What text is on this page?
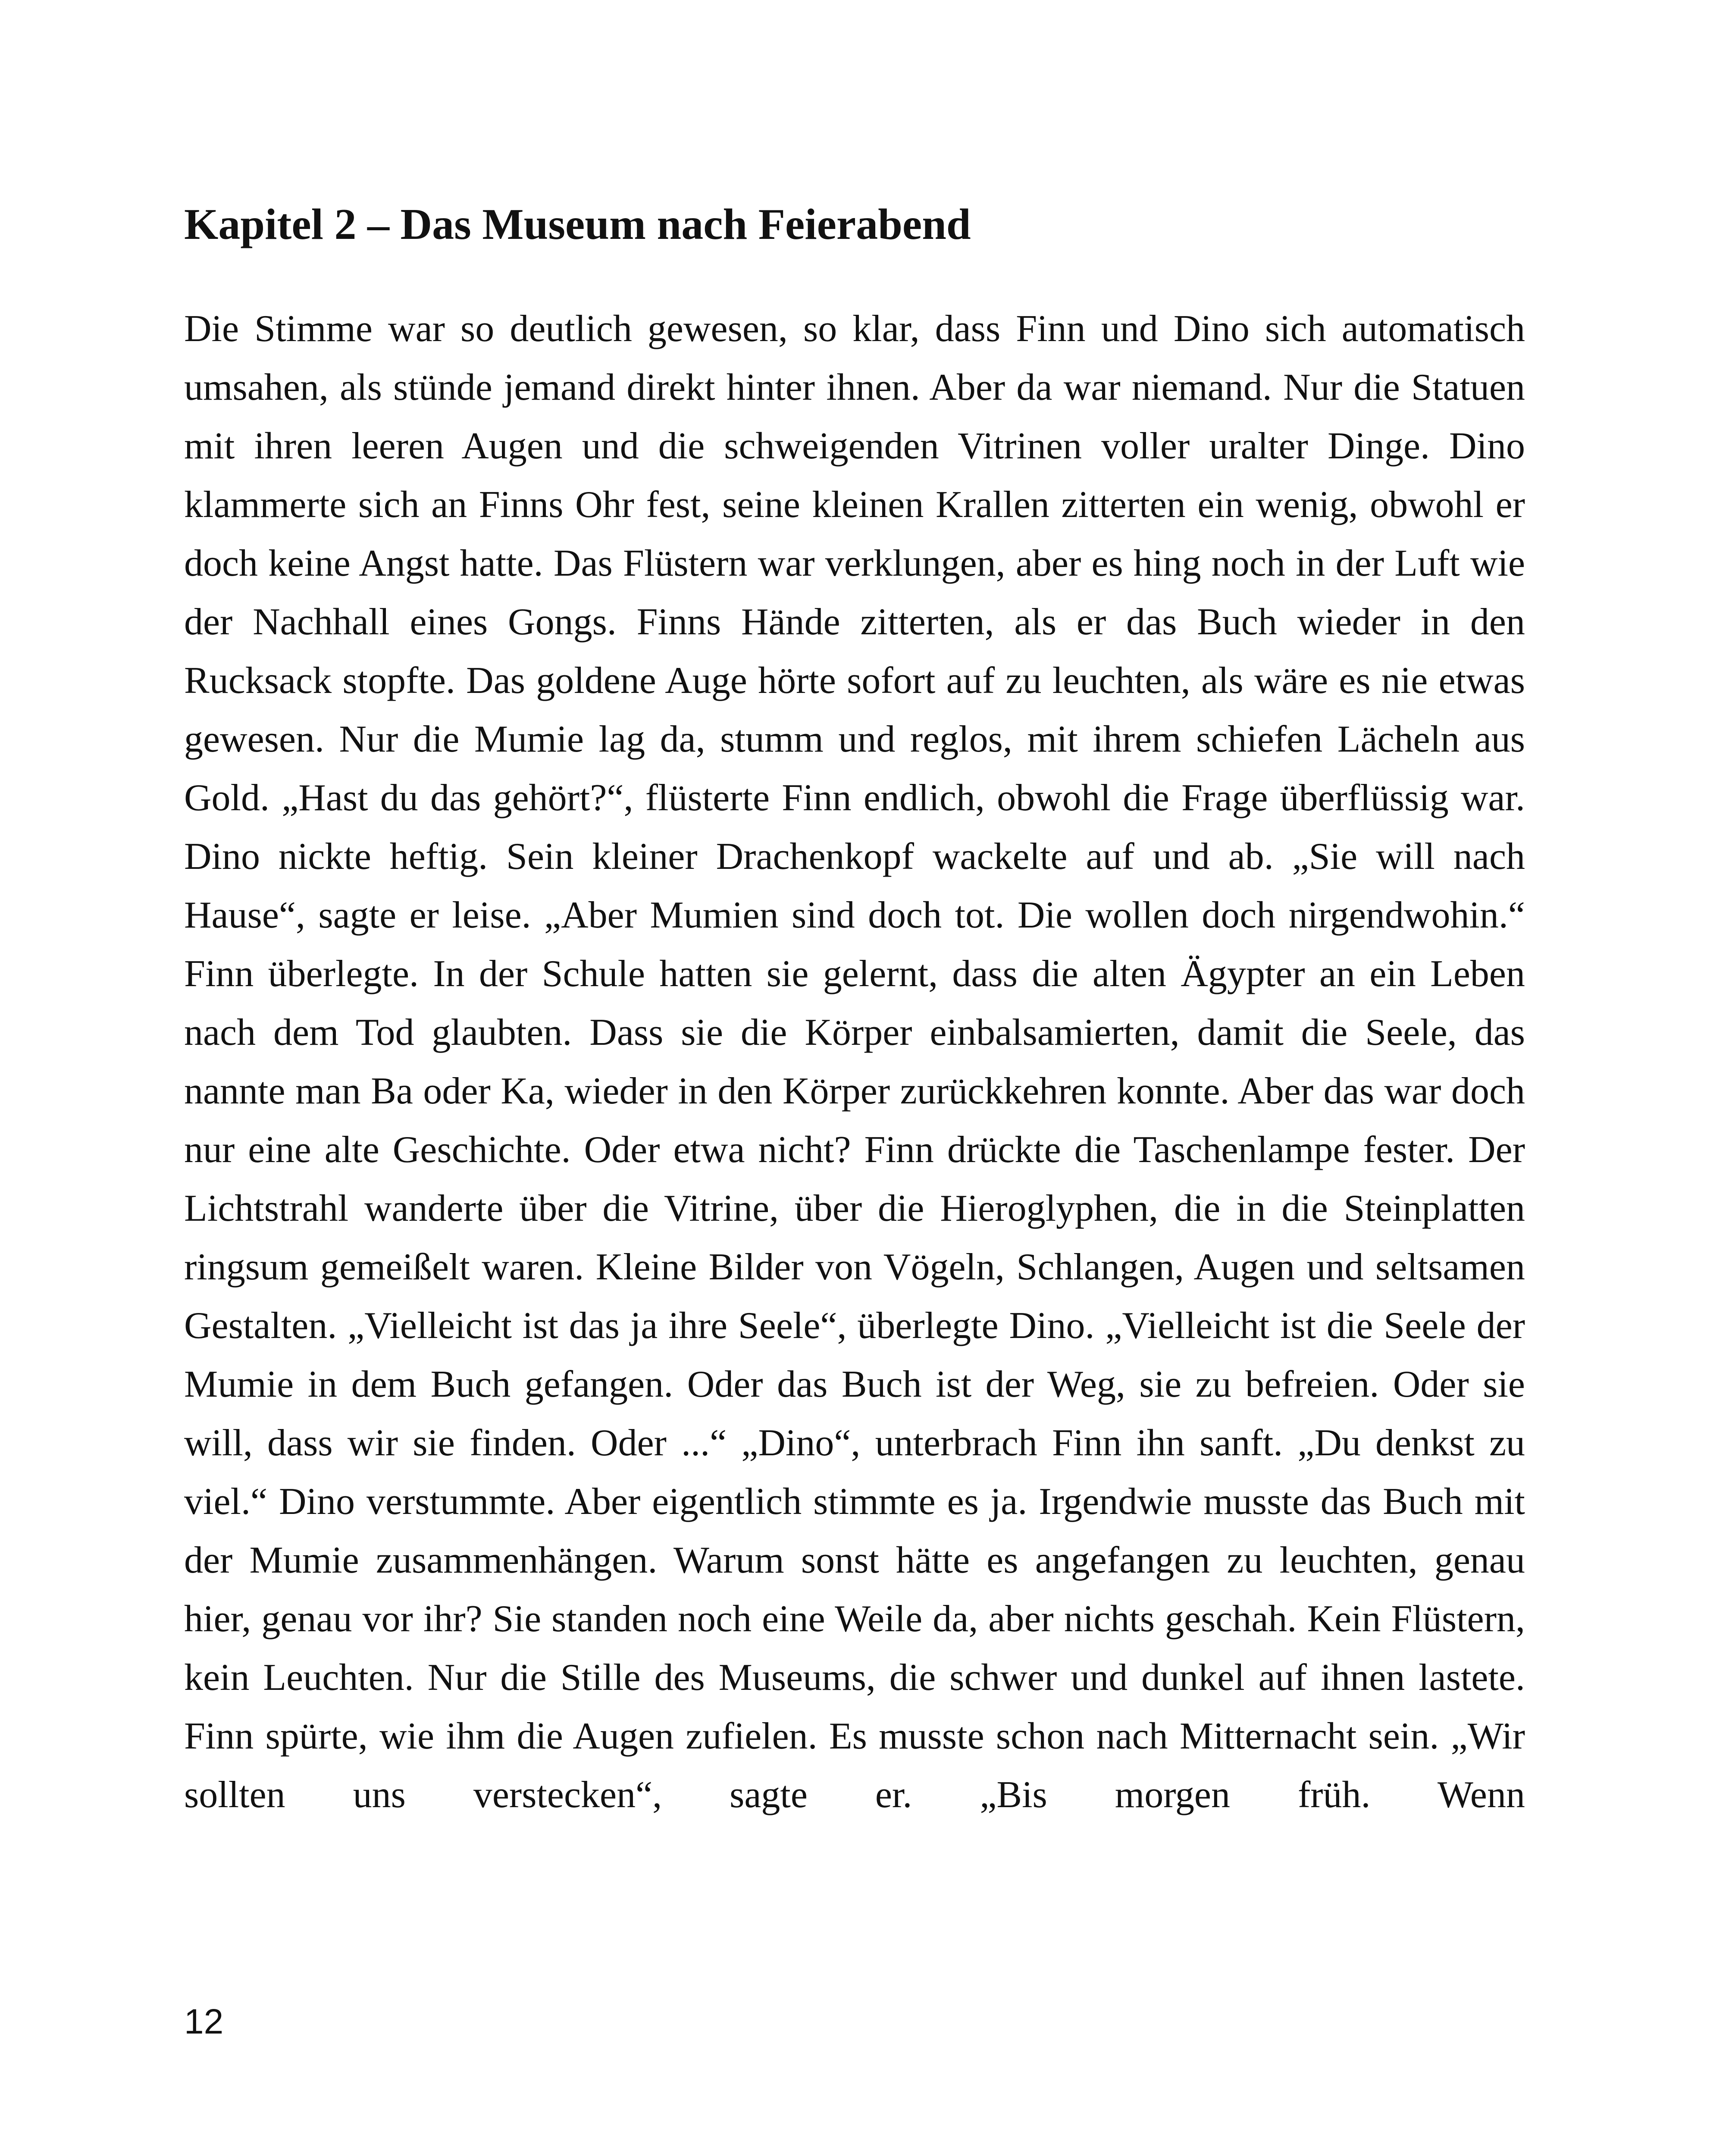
Kapitel 2 – Das Museum nach Feierabend

Die Stimme war so deutlich gewesen, so klar, dass Finn und Dino sich automatisch umsahen, als stünde jemand direkt hinter ihnen. Aber da war niemand. Nur die Statuen mit ihren leeren Augen und die schweigenden Vitrinen voller uralter Dinge. Dino klammerte sich an Finns Ohr fest, seine kleinen Krallen zitterten ein wenig, obwohl er doch keine Angst hatte. Das Flüstern war verklungen, aber es hing noch in der Luft wie der Nachhall eines Gongs. Finns Hände zitterten, als er das Buch wieder in den Rucksack stopfte. Das goldene Auge hörte sofort auf zu leuchten, als wäre es nie etwas gewesen. Nur die Mumie lag da, stumm und reglos, mit ihrem schiefen Lächeln aus Gold. „Hast du das gehört?“, flüsterte Finn endlich, obwohl die Frage überflüssig war. Dino nickte heftig. Sein kleiner Drachenkopf wackelte auf und ab. „Sie will nach Hause“, sagte er leise. „Aber Mumien sind doch tot. Die wollen doch nirgendwohin.“ Finn überlegte. In der Schule hatten sie gelernt, dass die alten Ägypter an ein Leben nach dem Tod glaubten. Dass sie die Körper einbalsamierten, damit die Seele, das nannte man Ba oder Ka, wieder in den Körper zurückkehren konnte. Aber das war doch nur eine alte Geschichte. Oder etwa nicht? Finn drückte die Taschenlampe fester. Der Lichtstrahl wanderte über die Vitrine, über die Hieroglyphen, die in die Steinplatten ringsum gemeißelt waren. Kleine Bilder von Vögeln, Schlangen, Augen und seltsamen Gestalten. „Vielleicht ist das ja ihre Seele“, überlegte Dino. „Vielleicht ist die Seele der Mumie in dem Buch gefangen. Oder das Buch ist der Weg, sie zu befreien. Oder sie will, dass wir sie finden. Oder ...“ „Dino“, unterbrach Finn ihn sanft. „Du denkst zu viel.“ Dino verstummte. Aber eigentlich stimmte es ja. Irgendwie musste das Buch mit der Mumie zusammenhängen. Warum sonst hätte es angefangen zu leuchten, genau hier, genau vor ihr? Sie standen noch eine Weile da, aber nichts geschah. Kein Flüstern, kein Leuchten. Nur die Stille des Museums, die schwer und dunkel auf ihnen lastete. Finn spürte, wie ihm die Augen zufielen. Es musste schon nach Mitternacht sein. „Wir sollten uns verstecken“, sagte er. „Bis morgen früh. Wenn

12
